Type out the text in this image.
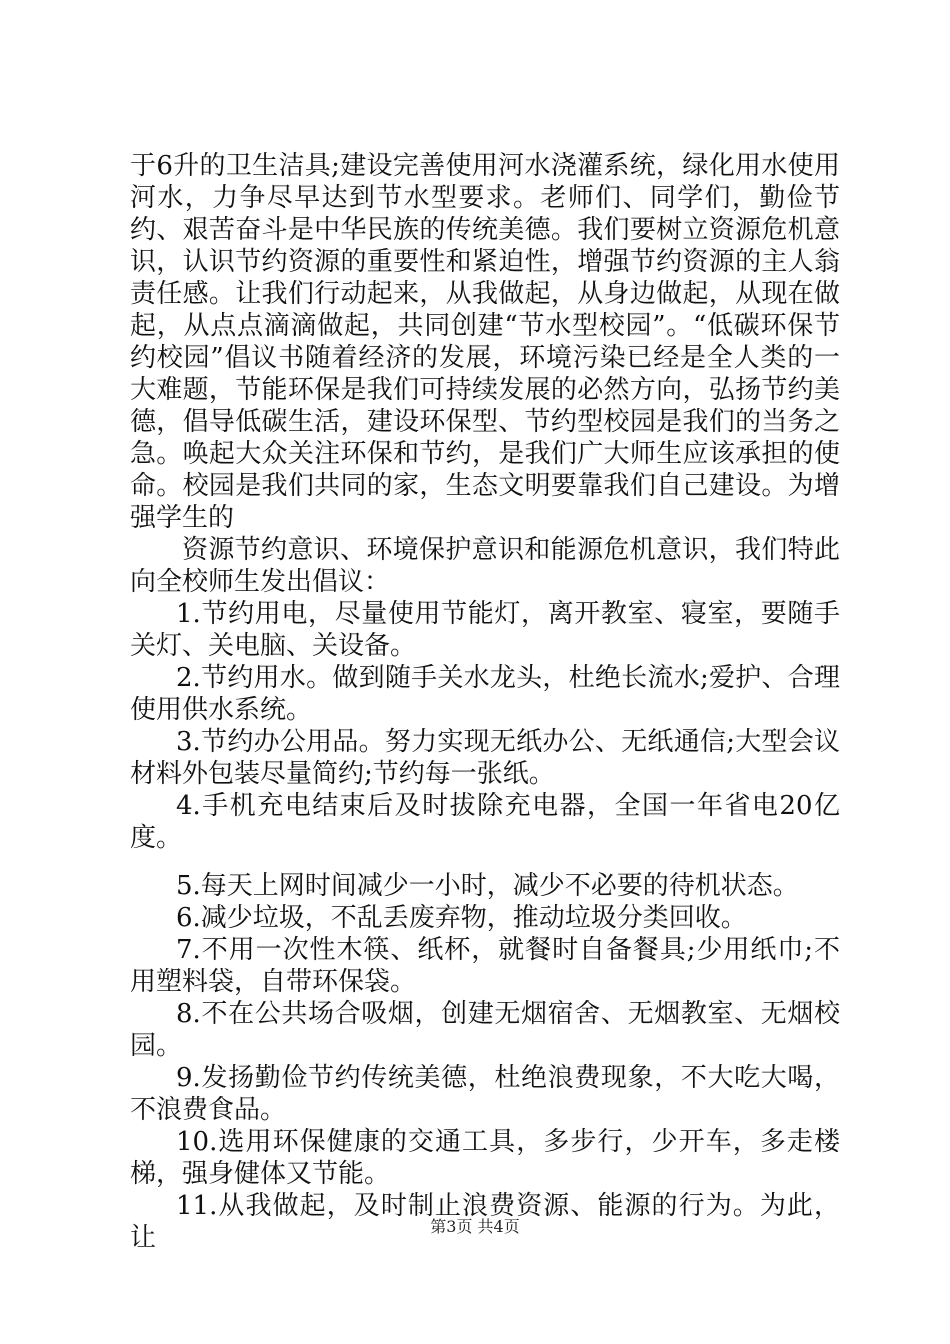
于6升的卫生洁具;建设完善使用河水浇灌系统，绿化用水使用河水，力争尽早达到节水型要求。老师们、同学们，勤俭节约、艰苦奋斗是中华民族的传统美德。我们要树立资源危机意识，认识节约资源的重要性和紧迫性，增强节约资源的主人翁责任感。让我们行动起来，从我做起，从身边做起，从现在做起，从点点滴滴做起，共同创建“节水型校园”。“低碳环保节约校园”倡议书随着经济的发展，环境污染已经是全人类的一大难题，节能环保是我们可持续发展的必然方向，弘扬节约美德，倡导低碳生活，建设环保型、节约型校园是我们的当务之急。唤起大众关注环保和节约，是我们广大师生应该承担的使命。校园是我们共同的家，生态文明要靠我们自己建设。为增强学生的

资源节约意识、环境保护意识和能源危机意识，我们特此向全校师生发出倡议：

1.节约用电，尽量使用节能灯，离开教室、寝室，要随手关灯、关电脑、关设备。

2.节约用水。做到随手关水龙头，杜绝长流水;爱护、合理使用供水系统。

3.节约办公用品。努力实现无纸办公、无纸通信;大型会议材料外包装尽量简约;节约每一张纸。

4.手机充电结束后及时拔除充电器，全国一年省电20亿度。

5.每天上网时间减少一小时，减少不必要的待机状态。

6.减少垃圾，不乱丢废弃物，推动垃圾分类回收。

7.不用一次性木筷、纸杯，就餐时自备餐具;少用纸巾;不用塑料袋，自带环保袋。

8.不在公共场合吸烟，创建无烟宿舍、无烟教室、无烟校园。

9.发扬勤俭节约传统美德，杜绝浪费现象，不大吃大喝，不浪费食品。

10.选用环保健康的交通工具，多步行，少开车，多走楼梯，强身健体又节能。

11.从我做起，及时制止浪费资源、能源的行为。为此，让	第3页 共4页
